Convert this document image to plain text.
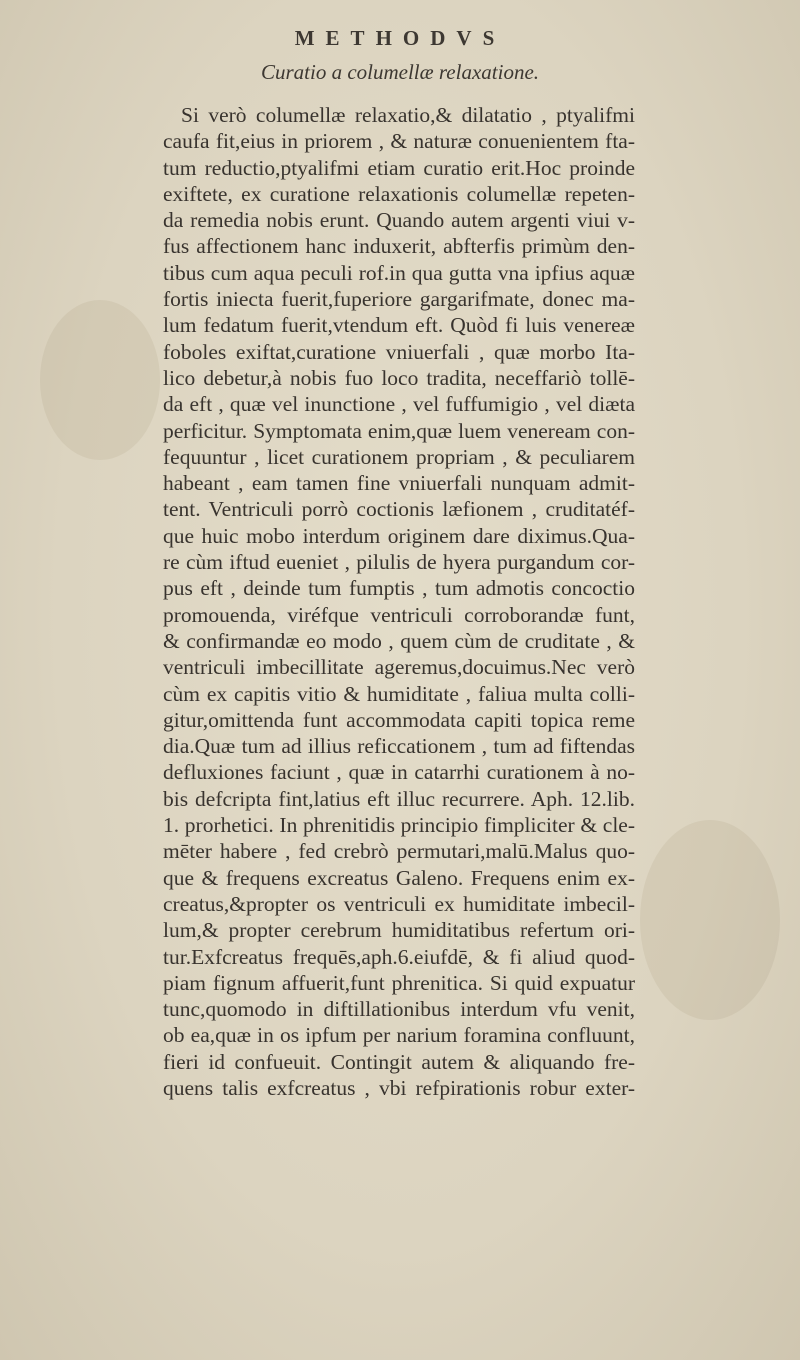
METHODVS
Curatio a columellæ relaxatione.
Si verò columellæ relaxatio,& dilatatio , ptyalifmi
caufa fit,eius in priorem , & naturæ conuenientem fta-
tum reductio,ptyalifmi etiam curatio erit.Hoc proinde
exiftete, ex curatione relaxationis columellæ repeten-
da remedia nobis erunt. Quando autem argenti viui v-
fus affectionem hanc induxerit, abfterfis primùm den-
tibus cum aqua peculi rof.in qua gutta vna ipfius aquæ
fortis iniecta fuerit,fuperiore gargarifmate, donec ma-
lum fedatum fuerit,vtendum eft. Quòd fi luis venereæ
foboles exiftat,curatione vniuerfali , quæ morbo Ita-
lico debetur,à nobis fuo loco tradita, neceffariò tollē-
da eft , quæ vel inunctione , vel fuffumigio , vel diæta
perficitur. Symptomata enim,quæ luem veneream con-
fequuntur , licet curationem propriam , & peculiarem
habeant , eam tamen fine vniuerfali nunquam admit-
tent. Ventriculi porrò coctionis læfionem , cruditatéf-
que huic mobo interdum originem dare diximus.Qua-
re cùm iftud eueniet , pilulis de hyera purgandum cor-
pus eft , deinde tum fumptis , tum admotis concoctio
promouenda, viréfque ventriculi corroborandæ funt,
& confirmandæ eo modo , quem cùm de cruditate , &
ventriculi imbecillitate ageremus,docuimus.Nec verò
cùm ex capitis vitio & humiditate , faliua multa colli-
gitur,omittenda funt accommodata capiti topica reme
dia.Quæ tum ad illius reficcationem , tum ad fiftendas
defluxiones faciunt , quæ in catarrhi curationem à no-
bis defcripta fint,latius eft illuc recurrere. Aph. 12.lib.
1. prorhetici. In phrenitidis principio fimpliciter & cle-
mēter habere , fed crebrò permutari,malū.Malus quo-
que & frequens excreatus Galeno. Frequens enim ex-
creatus,&propter os ventriculi ex humiditate imbecil-
lum,& propter cerebrum humiditatibus refertum ori-
tur.Exfcreatus frequēs,aph.6.eiufdē, & fi aliud quod-
piam fignum affuerit,funt phrenitica. Si quid expuatur
tunc,quomodo in diftillationibus interdum vfu venit,
ob ea,quæ in os ipfum per narium foramina confluunt,
fieri id confueuit. Contingit autem & aliquando fre-
quens talis exfcreatus , vbi refpirationis robur exter-
